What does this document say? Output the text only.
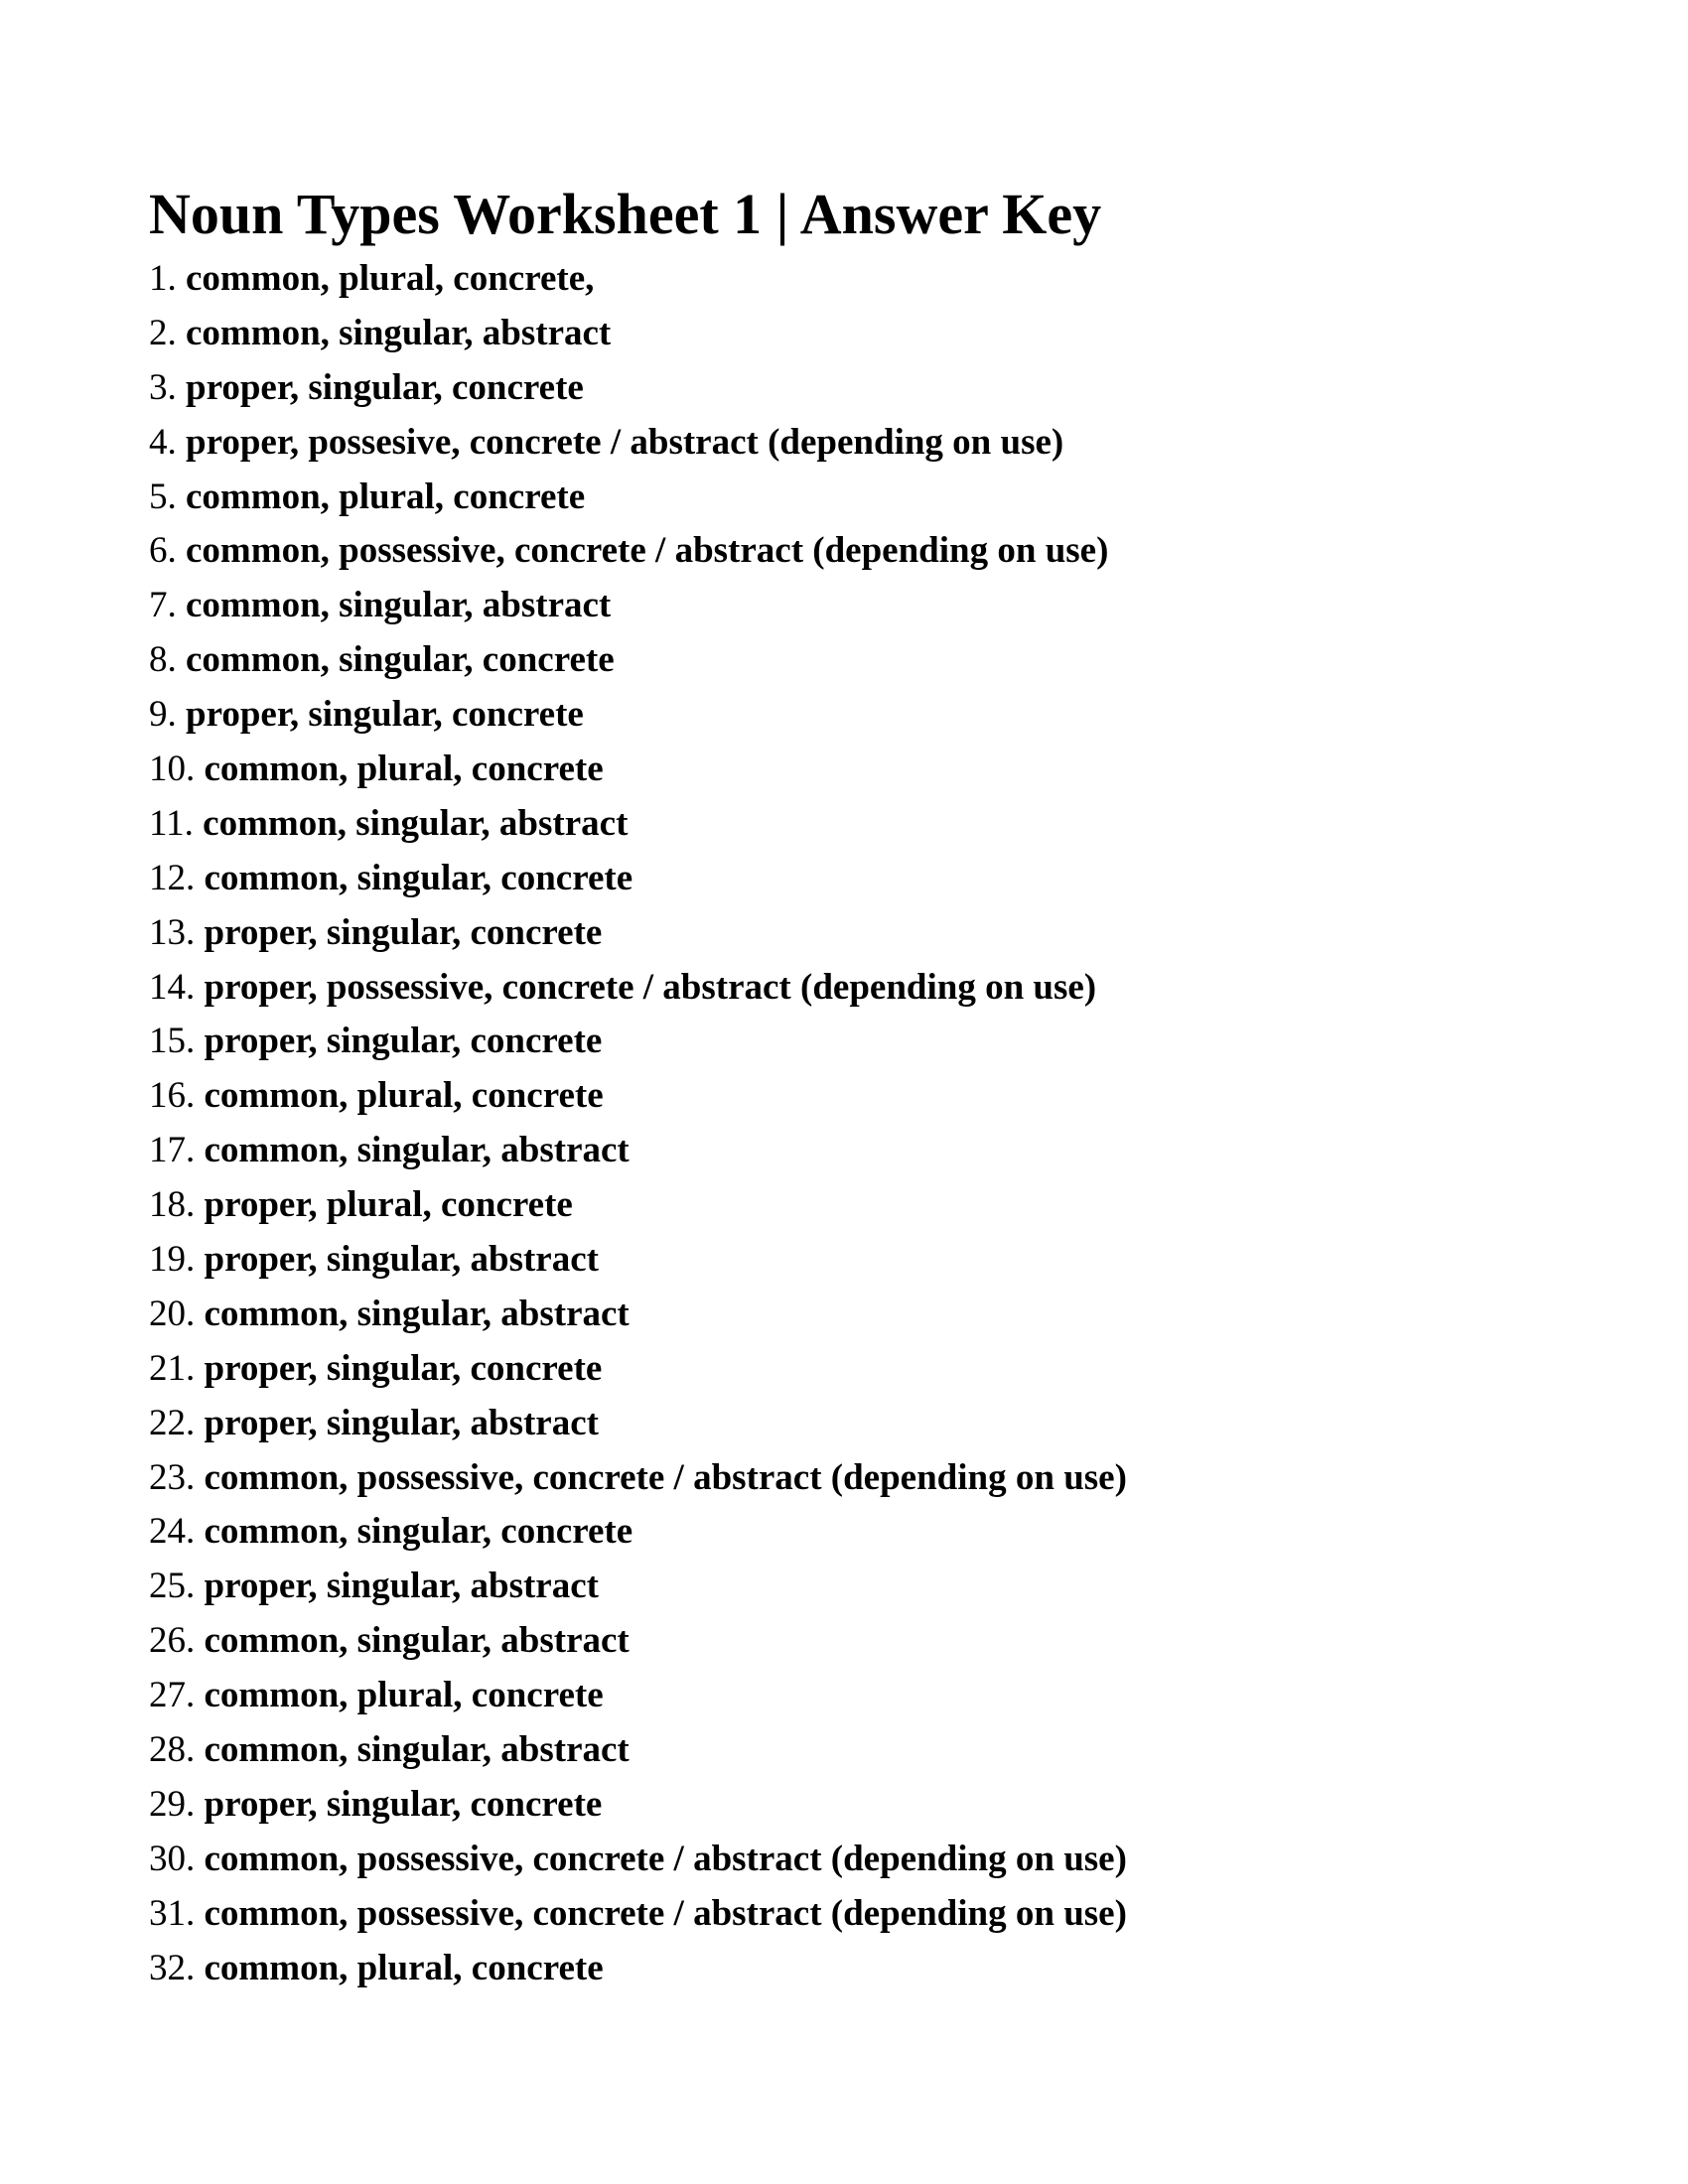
Noun Types Worksheet 1 | Answer Key
1. common, plural, concrete,
2. common, singular, abstract
3. proper, singular, concrete
4. proper, possesive, concrete / abstract (depending on use)
5. common, plural, concrete
6. common, possessive, concrete / abstract (depending on use)
7. common, singular, abstract
8. common, singular, concrete
9. proper, singular, concrete
10. common, plural, concrete
11. common, singular, abstract
12. common, singular, concrete
13. proper, singular, concrete
14. proper, possessive, concrete / abstract (depending on use)
15. proper, singular, concrete
16. common, plural, concrete
17. common, singular, abstract
18. proper, plural, concrete
19. proper, singular, abstract
20. common, singular, abstract
21. proper, singular, concrete
22. proper, singular, abstract
23. common, possessive, concrete / abstract (depending on use)
24. common, singular, concrete
25. proper, singular, abstract
26. common, singular, abstract
27. common, plural, concrete
28. common, singular, abstract
29. proper, singular, concrete
30. common, possessive, concrete / abstract (depending on use)
31. common, possessive, concrete / abstract (depending on use)
32. common, plural, concrete
